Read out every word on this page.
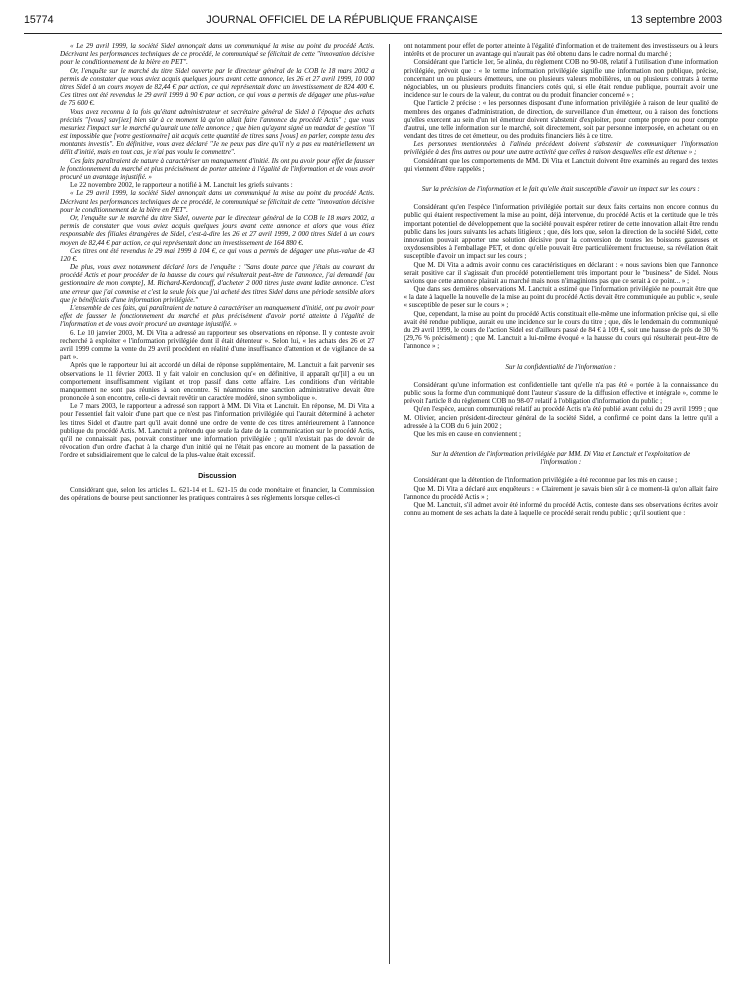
15774	JOURNAL OFFICIEL DE LA RÉPUBLIQUE FRANÇAISE	13 septembre 2003

« Le 29 avril 1999, la société Sidel annonçait dans un communiqué la mise au point du procédé Actis. Décrivant les performances techniques de ce procédé, le communiqué se félicitait de cette "innovation décisive pour le conditionnement de la bière en PET".

Or, l'enquête sur le marché du titre Sidel ouverte par le directeur général de la COB le 18 mars 2002 a permis de constater que vous aviez acquis quelques jours avant cette annonce, les 26 et 27 avril 1999, 10 000 titres Sidel à un cours moyen de 82,44 € par action, ce qui représentait donc un investissement de 824 400 €. Ces titres ont été revendus le 29 avril 1999 à 90 € par action, ce qui vous a permis de dégager une plus-value de 75 600 €.

Vous avez reconnu à la fois qu'étant administrateur et secrétaire général de Sidel à l'époque des achats précités "[vous] sav[iez] bien sûr à ce moment là qu'on allait faire l'annonce du procédé Actis" ; que vous mesuriez l'impact sur le marché qu'aurait une telle annonce ; que bien qu'ayant signé un mandat de gestion "il est impossible que [votre gestionnaire] ait acquis cette quantité de titres sans [vous] en parler, compte tenu des montants investis". En définitive, vous avez déclaré "Je ne peux pas dire qu'il n'y a pas eu matériellement un délit d'initié, mais en tout cas, je n'ai pas voulu le commettre".

Ces faits paraîtraient de nature à caractériser un manquement d'initié. Ils ont pu avoir pour effet de fausser le fonctionnement du marché et plus précisément de porter atteinte à l'égalité de l'information et de vous avoir procuré un avantage injustifié. »

Le 22 novembre 2002, le rapporteur a notifié à M. Lanctuit les griefs suivants :

« Le 29 avril 1999, la société Sidel annonçait dans un communiqué la mise au point du procédé Actis. Décrivant les performances techniques de ce procédé, le communiqué se félicitait de cette "innovation décisive pour le conditionnement de la bière en PET".

Or, l'enquête sur le marché du titre Sidel, ouverte par le directeur général de la COB le 18 mars 2002, a permis de constater que vous aviez acquis quelques jours avant cette annonce et alors que vous étiez responsable des filiales étrangères de Sidel, c'est-à-dire les 26 et 27 avril 1999, 2 000 titres Sidel à un cours moyen de 82,44 € par action, ce qui représentait donc un investissement de 164 880 €.

Ces titres ont été revendus le 29 mai 1999 à 104 €, ce qui vous a permis de dégager une plus-value de 43 120 €.

De plus, vous avez notamment déclaré lors de l'enquête : "Sans doute parce que j'étais au courant du procédé Actis et pour procéder de la hausse du cours qui résulterait peut-être de l'annonce, j'ai demandé [au gestionnaire de mon compte], M. Richard-Kerdoncuff, d'acheter 2 000 titres juste avant ladite annonce. C'est une erreur que j'ai commise et c'est la seule fois que j'ai acheté des titres Sidel dans une période sensible alors que je bénéficiais d'une information privilégiée."

L'ensemble de ces faits, qui paraîtraient de nature à caractériser un manquement d'initié, ont pu avoir pour effet de fausser le fonctionnement du marché et plus précisément d'avoir porté atteinte à l'égalité de l'information et de vous avoir procuré un avantage injustifié. »

6. Le 10 janvier 2003, M. Di Vita a adressé au rapporteur ses observations en réponse. Il y conteste avoir recherché à exploiter « l'information privilégiée dont il était détenteur ». Selon lui, « les achats des 26 et 27 avril 1999 comme la vente du 29 avril procèdent en réalité d'une insuffisance d'attention et de vigilance de sa part ».

Après que le rapporteur lui ait accordé un délai de réponse supplémentaire, M. Lanctuit a fait parvenir ses observations le 11 février 2003. Il y fait valoir en conclusion qu'« en définitive, il apparaît qu'[il] a eu un comportement insuffisamment vigilant et trop passif dans cette affaire. Les conditions d'un véritable manquement ne sont pas réunies à son encontre. Si néanmoins une sanction administrative devait être prononcée à son encontre, celle-ci devrait revêtir un caractère modéré, sinon symbolique ».

Le 7 mars 2003, le rapporteur a adressé son rapport à MM. Di Vita et Lanctuit. En réponse, M. Di Vita a pour l'essentiel fait valoir d'une part que ce n'est pas l'information privilégiée qui l'aurait déterminé à acheter les titres Sidel et d'autre part qu'il avait donné une ordre de vente de ces titres antérieurement à l'annonce publique du procédé Actis. M. Lanctuit a prétendu que seule la date de la communication sur le procédé Actis, qu'il ne connaissait pas, pouvait constituer une information privilégiée ; qu'il n'existait pas de devoir de révocation d'un ordre d'achat à la charge d'un initié qui ne l'était pas encore au moment de la passation de l'ordre et subsidiairement que le calcul de la plus-value était excessif.

Discussion

Considérant que, selon les articles L. 621-14 et L. 621-15 du code monétaire et financier, la Commission des opérations de bourse peut sanctionner les pratiques contraires à ses règlements lorsque celles-ci

ont notamment pour effet de porter atteinte à l'égalité d'information et de traitement des investisseurs ou à leurs intérêts et de procurer un avantage qui n'aurait pas été obtenu dans le cadre normal du marché ;

Considérant que l'article 1er, 5e alinéa, du règlement COB no 90-08, relatif à l'utilisation d'une information privilégiée, prévoit que : « le terme information privilégiée signifie une information non publique, précise, concernant un ou plusieurs émetteurs, une ou plusieurs valeurs mobilières, un ou plusieurs contrats à terme négociables, un ou plusieurs produits financiers cotés qui, si elle était rendue publique, pourrait avoir une incidence sur le cours de la valeur, du contrat ou du produit financier concerné » ;

Que l'article 2 précise : « les personnes disposant d'une information privilégiée à raison de leur qualité de membres des organes d'administration, de direction, de surveillance d'un émetteur, ou à raison des fonctions qu'elles exercent au sein d'un tel émetteur doivent s'abstenir d'exploiter, pour compte propre ou pour compte d'autrui, une telle information sur le marché, soit directement, soit par personne interposée, en achetant ou en vendant des titres de cet émetteur, ou des produits financiers liés à ce titre.

Les personnes mentionnées à l'alinéa précédent doivent s'abstenir de communiquer l'information privilégiée à des fins autres ou pour une autre activité que celles à raison desquelles elle est détenue » ;

Considérant que les comportements de MM. Di Vita et Lanctuit doivent être examinés au regard des textes qui viennent d'être rappelés ;

Sur la précision de l'information et le fait qu'elle était susceptible d'avoir un impact sur les cours :

Considérant qu'en l'espèce l'information privilégiée portait sur deux faits certains non encore connus du public qui étaient respectivement la mise au point, déjà intervenue, du procédé Actis et la certitude que le très important potentiel de développement que la société pouvait espérer retirer de cette innovation allait être rendu public dans les jours suivants les achats litigieux ; que, dès lors que, selon la direction de la société Sidel, cette innovation pouvait apporter une solution décisive pour la conversion de toutes les boissons gazeuses et oxydosensibles à l'emballage PET, et donc qu'elle pouvait être particulièrement fructueuse, sa révélation était susceptible d'avoir un impact sur les cours ;

Que M. Di Vita a admis avoir connu ces caractéristiques en déclarant : « nous savions bien que l'annonce serait positive car il s'agissait d'un procédé potentiellement très important pour le "business" de Sidel. Nous savions que cette annonce plairait au marché mais nous n'imaginions pas que ce serait à ce point... » ;

Que dans ses dernières observations M. Lanctuit a estimé que l'information privilégiée ne pourrait être que « la date à laquelle la nouvelle de la mise au point du procédé Actis devait être communiquée au public », seule « susceptible de peser sur le cours » ;

Que, cependant, la mise au point du procédé Actis constituait elle-même une information précise qui, si elle avait été rendue publique, aurait eu une incidence sur le cours du titre ; que, dès le lendemain du communiqué du 29 avril 1999, le cours de l'action Sidel est d'ailleurs passé de 84 € à 109 €, soit une hausse de près de 30 % (29,76 % précisément) ; que M. Lanctuit a lui-même évoqué « la hausse du cours qui résulterait peut-être de l'annonce » ;

Sur la confidentialité de l'information :

Considérant qu'une information est confidentielle tant qu'elle n'a pas été « portée à la connaissance du public sous la forme d'un communiqué dont l'auteur s'assure de la diffusion effective et intégrale », comme le prévoit l'article 8 du règlement COB no 98-07 relatif à l'obligation d'information du public ;

Qu'en l'espèce, aucun communiqué relatif au procédé Actis n'a été publié avant celui du 29 avril 1999 ; que M. Olivier, ancien président-directeur général de la société Sidel, a confirmé ce point dans la lettre qu'il a adressée à la COB du 6 juin 2002 ;

Que les mis en cause en conviennent ;

Sur la détention de l'information privilégiée par MM. Di Vita et Lanctuit et l'exploitation de l'information :

Considérant que la détention de l'information privilégiée a été reconnue par les mis en cause ;

Que M. Di Vita a déclaré aux enquêteurs : « Clairement je savais bien sûr à ce moment-là qu'on allait faire l'annonce du procédé Actis » ;

Que M. Lanctuit, s'il admet avoir été informé du procédé Actis, conteste dans ses observations écrites avoir connu au moment de ses achats la date à laquelle ce procédé serait rendu public ; qu'il soutient que :
